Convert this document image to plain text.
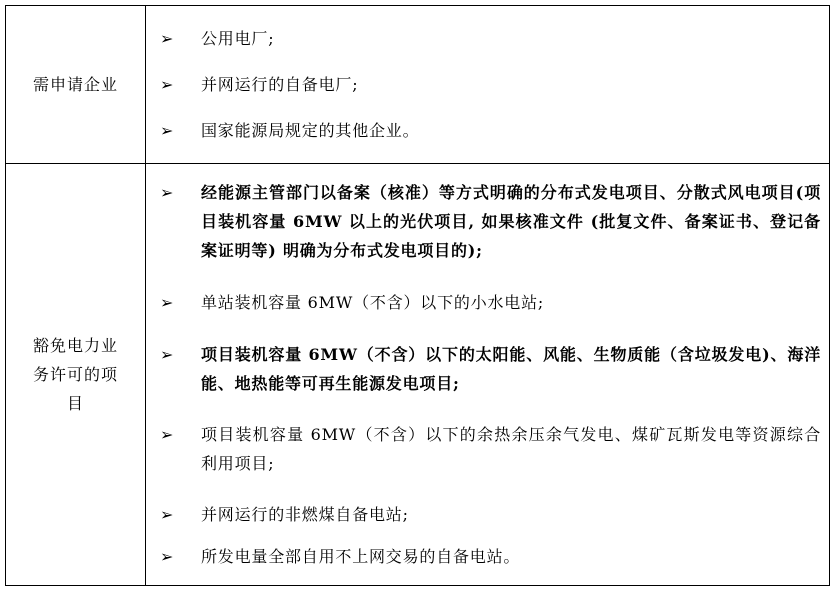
需申请企业
➢ 公用电厂;
➢ 并网运行的自备电厂;
➢ 国家能源局规定的其他企业。
豁免电力业务许可的项目
➢ 经能源主管部门以备案（核准）等方式明确的分布式发电项目、分散式风电项目(项目装机容量 6MW 以上的光伏项目, 如果核准文件 (批复文件、备案证书、登记备案证明等) 明确为分布式发电项目的);
➢ 单站装机容量 6MW（不含）以下的小水电站;
➢ 项目装机容量 6MW（不含）以下的太阳能、风能、生物质能（含垃圾发电)、海洋能、地热能等可再生能源发电项目;
➢ 项目装机容量 6MW（不含）以下的余热余压余气发电、煤矿瓦斯发电等资源综合利用项目;
➢ 并网运行的非燃煤自备电站;
➢ 所发电量全部自用不上网交易的自备电站。
